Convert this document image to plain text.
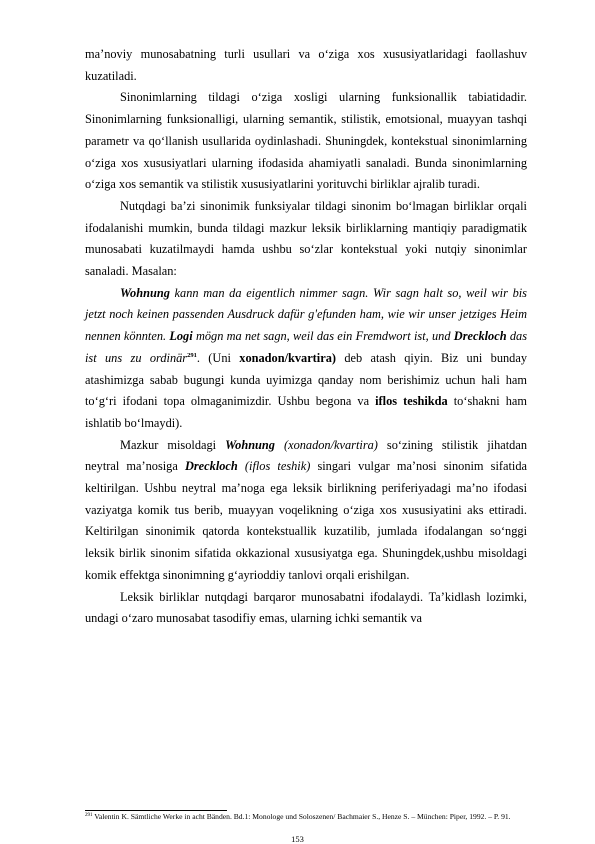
ma’noviy munosabatning turli usullari va o‘ziga xos xususiyatlaridagi faollashuv kuzatiladi.

Sinonimlarning tildagi o‘ziga xosligi ularning funksionallik tabiatidadir. Sinonimlarning funksionalligi, ularning semantik, stilistik, emotsional, muayyan tashqi parametr va qo‘llanish usullarida oydinlashadi. Shuningdek, kontekstual sinonimlarning o‘ziga xos xususiyatlari ularning ifodasida ahamiyatli sanaladi. Bunda sinonimlarning o‘ziga xos semantik va stilistik xususiyatlarini yorituvchi birliklar ajralib turadi.

Nutqdagi ba’zi sinonimik funksiyalar tildagi sinonim bo‘lmagan birliklar orqali ifodalanishi mumkin, bunda tildagi mazkur leksik birliklarning mantiqiy paradigmatik munosabati kuzatilmaydi hamda ushbu so‘zlar kontekstual yoki nutqiy sinonimlar sanaladi. Masalan:

Wohnung kann man da eigentlich nimmer sagn. Wir sagn halt so, weil wir bis jetzt noch keinen passenden Ausdruck dafür g'efunden ham, wie wir unser jetziges Heim nennen könnten. Logi mögn ma net sagn, weil das ein Fremdwort ist, und Dreckloch das ist uns zu ordinär$^{291}$. (Uni xonadon/kvartira) deb atash qiyin. Biz uni bunday atashimizga sabab bugungi kunda uyimizga qanday nom berishimiz uchun hali ham to‘g‘ri ifodani topa olmaganimizdir. Ushbu begona va iflos teshikda to‘shakni ham ishlatib bo‘lmaydi).

Mazkur misoldagi Wohnung (xonadon/kvartira) so‘zining stilistik jihatdan neytral ma’nosiga Dreckloch (iflos teshik) singari vulgar ma’nosi sinonim sifatida keltirilgan. Ushbu neytral ma’noga ega leksik birlikning periferiyadagi ma’no ifodasi vaziyatga komik tus berib, muayyan voqelikning o‘ziga xos xususiyatini aks ettiradi. Keltirilgan sinonimik qatorda kontekstuallik kuzatilib, jumlada ifodalangan so‘nggi leksik birlik sinonim sifatida okkazional xususiyatga ega. Shuningdek,ushbu misoldagi komik effektga sinonimning g‘ayrioddiy tanlovi orqali erishilgan.

Leksik birliklar nutqdagi barqaror munosabatni ifodalaydi. Ta’kidlash lozimki, undagi o‘zaro munosabat tasodifiy emas, ularning ichki semantik va

$^{291}$ Valentin K. Sämtliche Werke in acht Bänden. Bd.1: Monologe und Soloszenen/ Bachmaier S., Henze S. – München: Piper, 1992. – P. 91.
153
